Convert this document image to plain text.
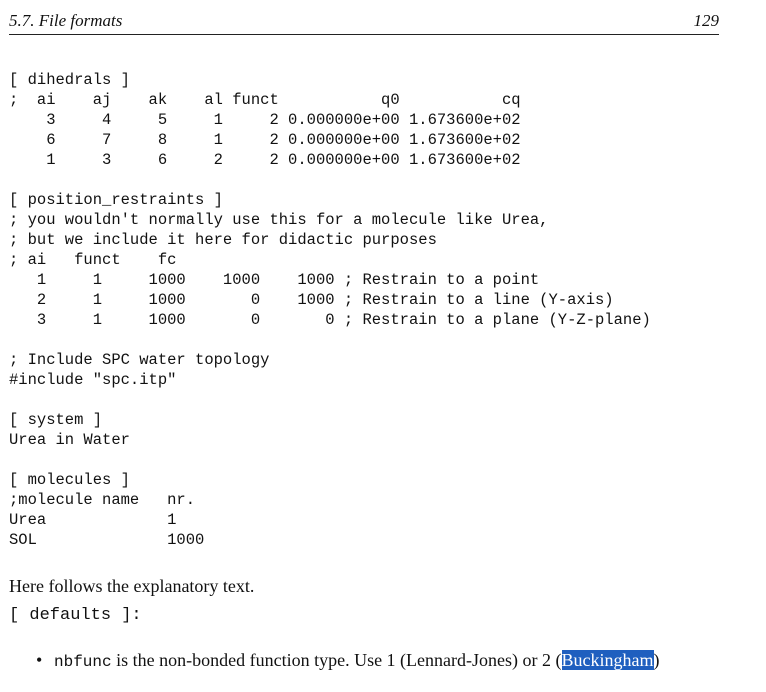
5.7. File formats	129
[ dihedrals ]
;  ai    aj    ak    al funct           q0           cq
3     4     5     1     2 0.000000e+00 1.673600e+02
6     7     8     1     2 0.000000e+00 1.673600e+02
1     3     6     2     2 0.000000e+00 1.673600e+02
[ position_restraints ]
; you wouldn't normally use this for a molecule like Urea,
; but we include it here for didactic purposes
; ai   funct    fc
1     1     1000    1000    1000 ; Restrain to a point
2     1     1000       0    1000 ; Restrain to a line (Y-axis)
3     1     1000       0       0 ; Restrain to a plane (Y-Z-plane)
; Include SPC water topology
#include "spc.itp"
[ system ]
Urea in Water
[ molecules ]
;molecule name   nr.
Urea             1
SOL              1000
Here follows the explanatory text.
[ defaults ]:
• nbfunc is the non-bonded function type. Use 1 (Lennard-Jones) or 2 (Buckingham)
